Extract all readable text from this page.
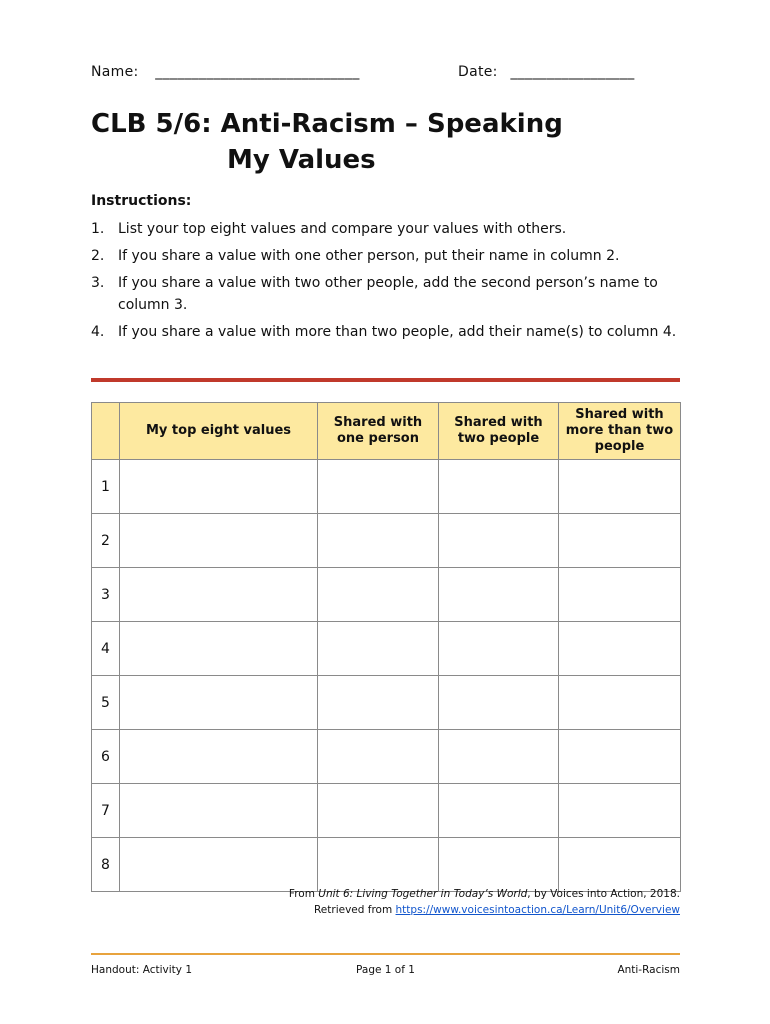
Name: ____________________________	Date: _________________
CLB 5/6: Anti-Racism – Speaking
My Values
Instructions:
1. List your top eight values and compare your values with others.
2. If you share a value with one other person, put their name in column 2.
3. If you share a value with two other people, add the second person’s name to column 3.
4. If you share a value with more than two people, add their name(s) to column 4.
	My top eight values	Shared with one person	Shared with two people	Shared with more than two people
1				
2				
3				
4				
5				
6				
7				
8				
From Unit 6: Living Together in Today’s World, by Voices into Action, 2018.
Retrieved from https://www.voicesintoaction.ca/Learn/Unit6/Overview
Handout: Activity 1	Page 1 of 1	Anti-Racism
